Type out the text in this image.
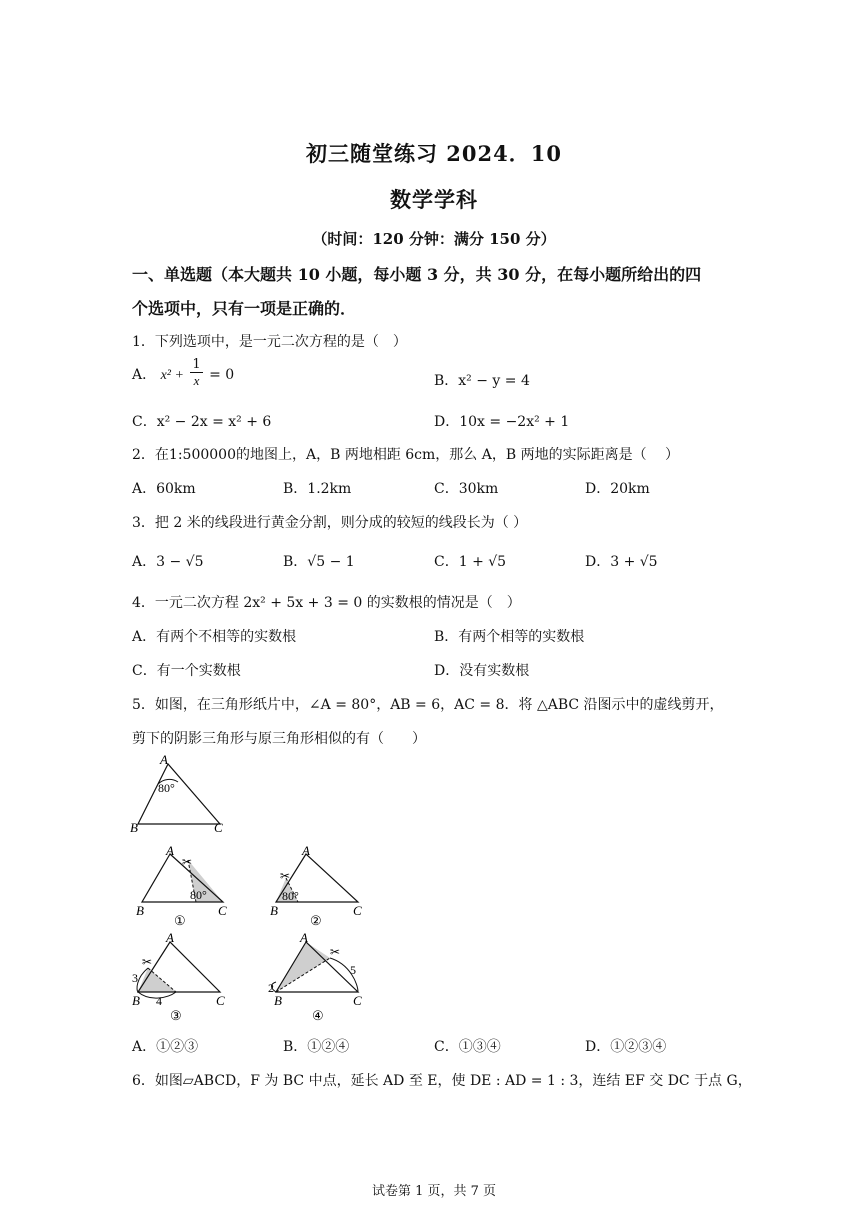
初三随堂练习 2024．10
数学学科
（时间：120 分钟：满分 150 分）
一、单选题（本大题共 10 小题，每小题 3 分，共 30 分，在每小题所给出的四
个选项中，只有一项是正确的．
1．下列选项中，是一元二次方程的是（　）
A． $x^2 + \frac{1}{x} = 0$	B．x² − y = 4
C．x² − 2x = x² + 6	D．10x = −2x² + 1
2．在1:500000的地图上，A，B 两地相距 6cm，那么 A，B 两地的实际距离是（　 ）
A．60km	B．1.2km	C．30km	D．20km
3．把 2 米的线段进行黄金分割，则分成的较短的线段长为（ ）
A．3 − √5	B．√5 − 1	C．1 + √5	D．3 + √5
4．一元二次方程 2x² + 5x + 3 = 0 的实数根的情况是（　）
A．有两个不相等的实数根	B．有两个相等的实数根
C．有一个实数根	D．没有实数根
5．如图，在三角形纸片中，∠A = 80°，AB = 6，AC = 8．将 △ABC 沿图示中的虚线剪开，
剪下的阴影三角形与原三角形相似的有（　　）
A
B	C
80°
✂
A
B	C
80°
①
✂
A
B	C
80°
②
✂
A
B	C
3
4
③
✂
A
B	C
2
5
④
A．①②③	B．①②④	C．①③④	D．①②③④
6．如图▱ABCD，F 为 BC 中点，延长 AD 至 E，使 DE : AD = 1 : 3，连结 EF 交 DC 于点 G，
试卷第 1 页，共 7 页
